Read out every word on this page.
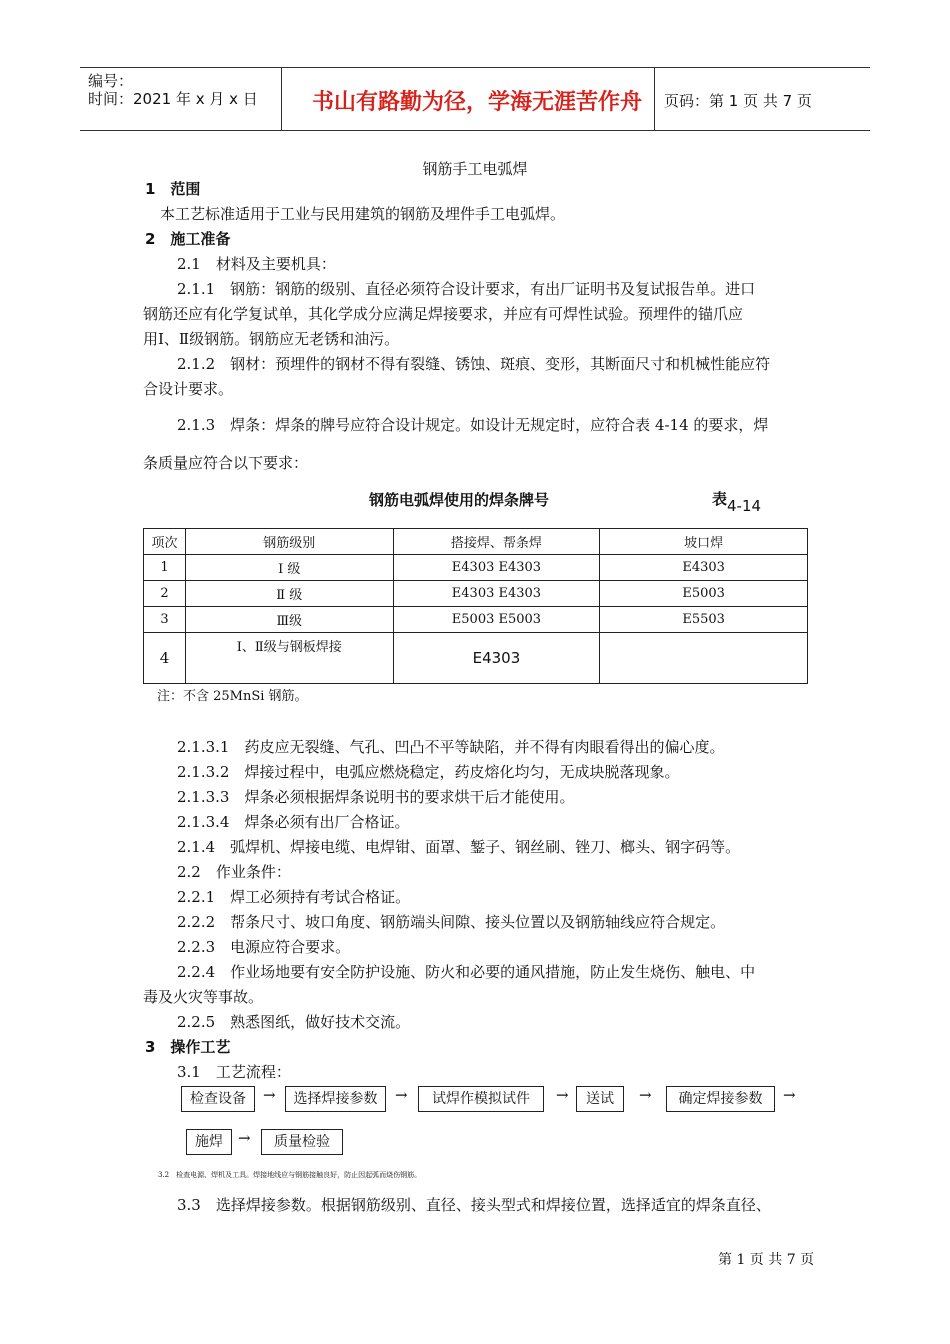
编号：
时间：2021 年 x 月 x 日	书山有路勤为径，学海无涯苦作舟	页码：第 1 页 共 7 页
钢筋手工电弧焊
1　范围
本工艺标准适用于工业与民用建筑的钢筋及埋件手工电弧焊。
2　施工准备
2.1　材料及主要机具：
2.1.1　钢筋：钢筋的级别、直径必须符合设计要求，有出厂证明书及复试报告单。进口
钢筋还应有化学复试单，其化学成分应满足焊接要求，并应有可焊性试验。预埋件的锚爪应
用Ⅰ、Ⅱ级钢筋。钢筋应无老锈和油污。
2.1.2　钢材：预埋件的钢材不得有裂缝、锈蚀、斑痕、变形，其断面尺寸和机械性能应符
合设计要求。
2.1.3　焊条：焊条的牌号应符合设计规定。如设计无规定时，应符合表 4-14 的要求，焊
条质量应符合以下要求：
钢筋电弧焊使用的焊条牌号	表4-14
项次	钢筋级别	搭接焊、帮条焊	坡口焊
1	Ⅰ 级	E4303 E4303	E4303
2	Ⅱ 级	E4303 E4303	E5003
3	Ⅲ级	E5003 E5003	E5503
4	Ⅰ、Ⅱ级与钢板焊接	E4303	
注：不含 25MnSi 钢筋。
2.1.3.1　药皮应无裂缝、气孔、凹凸不平等缺陷，并不得有肉眼看得出的偏心度。
2.1.3.2　焊接过程中，电弧应燃烧稳定，药皮熔化均匀，无成块脱落现象。
2.1.3.3　焊条必须根据焊条说明书的要求烘干后才能使用。
2.1.3.4　焊条必须有出厂合格证。
2.1.4　弧焊机、焊接电缆、电焊钳、面罩、錾子、钢丝刷、锉刀、榔头、钢字码等。
2.2　作业条件：
2.2.1　焊工必须持有考试合格证。
2.2.2　帮条尺寸、坡口角度、钢筋端头间隙、接头位置以及钢筋轴线应符合规定。
2.2.3　电源应符合要求。
2.2.4　作业场地要有安全防护设施、防火和必要的通风措施，防止发生烧伤、触电、中
毒及火灾等事故。
2.2.5　熟悉图纸，做好技术交流。
3　操作工艺
3.1　工艺流程：
检查设备	→	选择焊接参数	→	试焊作模拟试件	→	送试	→	确定焊接参数	→
施焊	→	质量检验
3.2　检查电源、焊机及工具。焊接地线应与钢筋接触良好，防止因起弧而烧伤钢筋。
3.3　选择焊接参数。根据钢筋级别、直径、接头型式和焊接位置，选择适宜的焊条直径、
第 1 页 共 7 页
